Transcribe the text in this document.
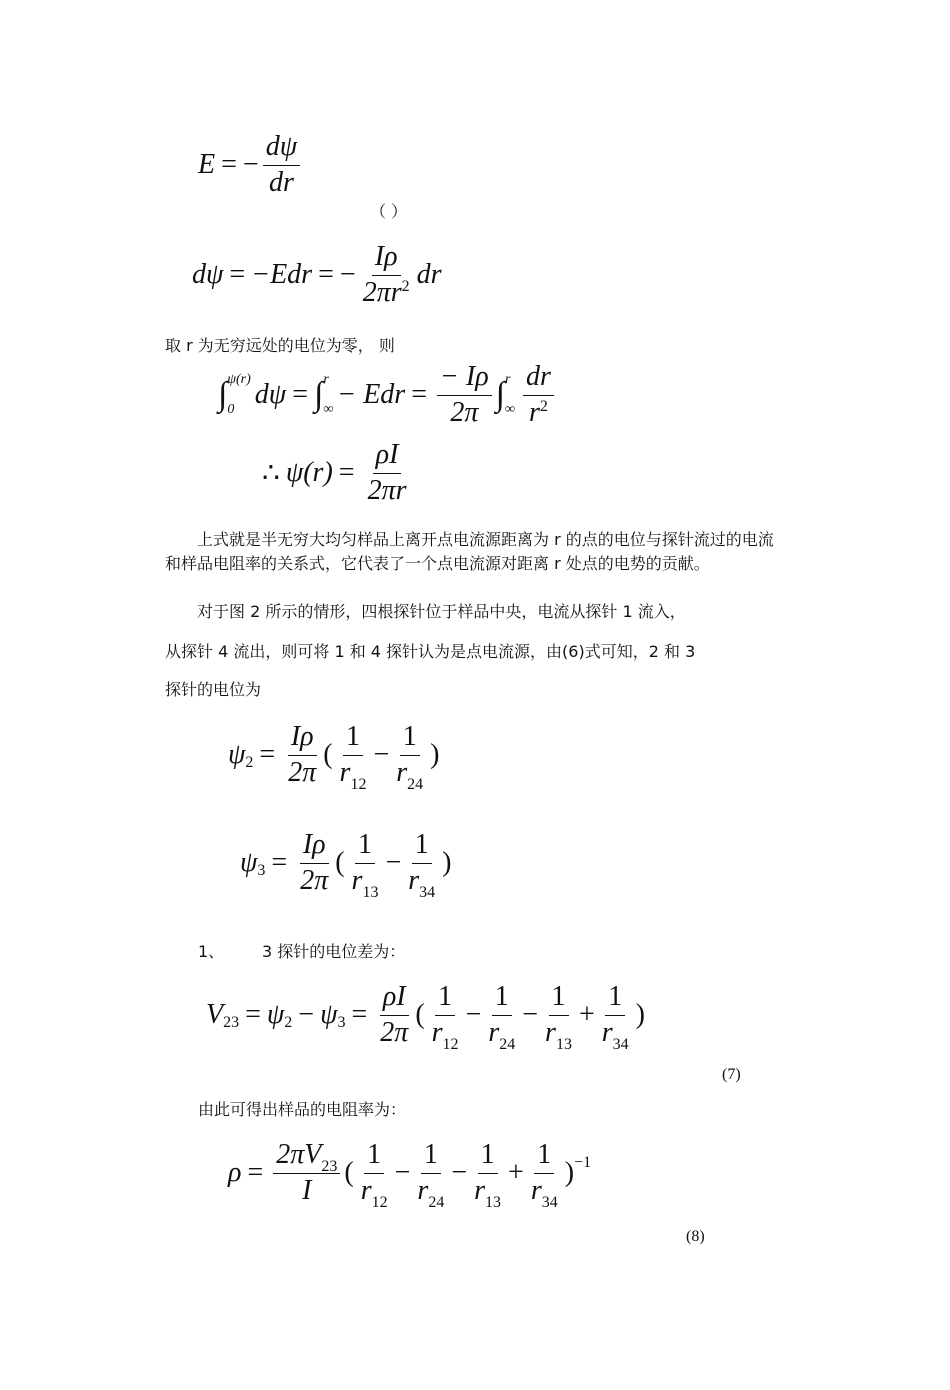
E = − $\frac{d\psi}{dr}$
（ ）
dψ = −Edr = − $\frac{I\rho}{2\pi r^2}$ dr
取 r 为无穷远处的电位为零， 则
∫ ψ(r)
0 dψ = ∫ r
∞ − Edr = $\frac{- I\rho}{2\pi}$ ∫ r
∞ $\frac{dr}{r^2}$
∴ $\psi(r) = \frac{\rho I}{2\pi r}$
上式就是半无穷大均匀样品上离开点电流源距离为 r 的点的电位与探针流过的电流和样品电阻率的关系式，它代表了一个点电流源对距离 r 处点的电势的贡献。
对于图 2 所示的情形，四根探针位于样品中央，电流从探针 1 流入，
从探针 4 流出，则可将 1 和 4 探针认为是点电流源，由(6)式可知，2 和 3
探针的电位为
ψ $2 = \frac{I\rho}{2\pi}$ ( $\frac{1}{r_{12}} - \frac{1}{r_{24}}$ )
ψ $3 = \frac{I\rho}{2\pi}$ ( $\frac{1}{r_{13}} - \frac{1}{r_{34}}$ )
1、 3 探针的电位差为：
V 23 = ψ 2 − ψ $3 = \frac{\rho I}{2\pi}$ ( $\frac{1}{r_{12}} - \frac{1}{r_{24}} - \frac{1}{r_{13}} + \frac{1}{r_{34}}$ )
(7)
由此可得出样品的电阻率为：
$\rho = \frac{2\pi V_{23}}{I}$ ( $\frac{1}{r_{12}} - \frac{1}{r_{24}} - \frac{1}{r_{13}} + \frac{1}{r_{34}}$ ) −1
(8)
